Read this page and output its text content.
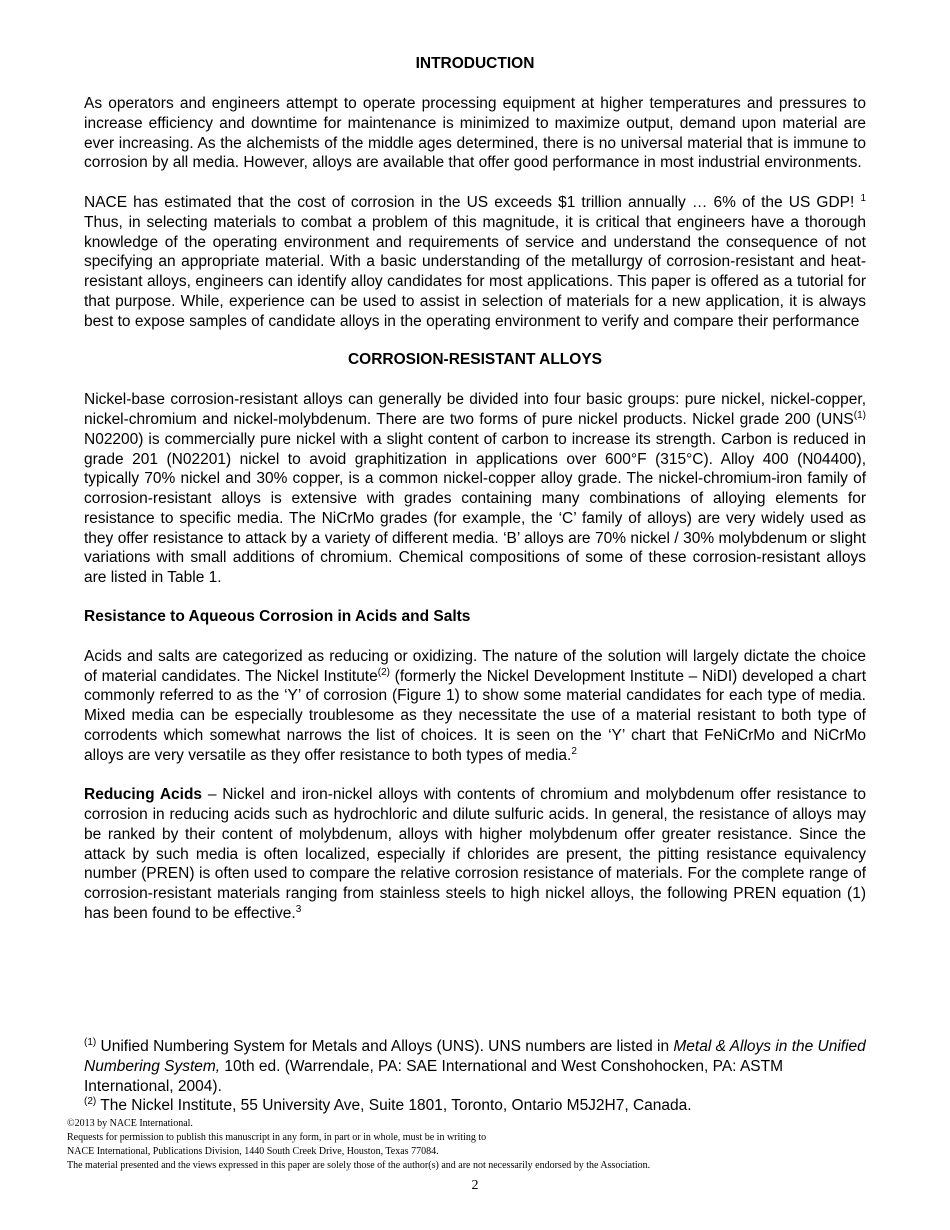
INTRODUCTION

As operators and engineers attempt to operate processing equipment at higher temperatures and pressures to increase efficiency and downtime for maintenance is minimized to maximize output, demand upon material are ever increasing. As the alchemists of the middle ages determined, there is no universal material that is immune to corrosion by all media. However, alloys are available that offer good performance in most industrial environments.

NACE has estimated that the cost of corrosion in the US exceeds $1 trillion annually … 6% of the US GDP! $^1$ Thus, in selecting materials to combat a problem of this magnitude, it is critical that engineers have a thorough knowledge of the operating environment and requirements of service and understand the consequence of not specifying an appropriate material. With a basic understanding of the metallurgy of corrosion-resistant and heat-resistant alloys, engineers can identify alloy candidates for most applications. This paper is offered as a tutorial for that purpose. While, experience can be used to assist in selection of materials for a new application, it is always best to expose samples of candidate alloys in the operating environment to verify and compare their performance

CORROSION-RESISTANT ALLOYS

Nickel-base corrosion-resistant alloys can generally be divided into four basic groups: pure nickel, nickel-copper, nickel-chromium and nickel-molybdenum. There are two forms of pure nickel products. Nickel grade 200 (UNS$^{(1)}$ N02200) is commercially pure nickel with a slight content of carbon to increase its strength. Carbon is reduced in grade 201 (N02201) nickel to avoid graphitization in applications over 600°F (315°C). Alloy 400 (N04400), typically 70% nickel and 30% copper, is a common nickel-copper alloy grade. The nickel-chromium-iron family of corrosion-resistant alloys is extensive with grades containing many combinations of alloying elements for resistance to specific media. The NiCrMo grades (for example, the ‘C’ family of alloys) are very widely used as they offer resistance to attack by a variety of different media. ‘B’ alloys are 70% nickel / 30% molybdenum or slight variations with small additions of chromium. Chemical compositions of some of these corrosion-resistant alloys are listed in Table 1.

Resistance to Aqueous Corrosion in Acids and Salts

Acids and salts are categorized as reducing or oxidizing. The nature of the solution will largely dictate the choice of material candidates. The Nickel Institute$^{(2)}$ (formerly the Nickel Development Institute – NiDI) developed a chart commonly referred to as the ‘Y’ of corrosion (Figure 1) to show some material candidates for each type of media. Mixed media can be especially troublesome as they necessitate the use of a material resistant to both type of corrodents which somewhat narrows the list of choices. It is seen on the ‘Y’ chart that FeNiCrMo and NiCrMo alloys are very versatile as they offer resistance to both types of media.$^2$

Reducing Acids – Nickel and iron-nickel alloys with contents of chromium and molybdenum offer resistance to corrosion in reducing acids such as hydrochloric and dilute sulfuric acids. In general, the resistance of alloys may be ranked by their content of molybdenum, alloys with higher molybdenum offer greater resistance. Since the attack by such media is often localized, especially if chlorides are present, the pitting resistance equivalency number (PREN) is often used to compare the relative corrosion resistance of materials. For the complete range of corrosion-resistant materials ranging from stainless steels to high nickel alloys, the following PREN equation (1) has been found to be effective.$^3$

$^{(1)}$ Unified Numbering System for Metals and Alloys (UNS). UNS numbers are listed in Metal & Alloys in the Unified Numbering System, 10th ed. (Warrendale, PA: SAE International and West Conshohocken, PA: ASTM International, 2004).

$^{(2)}$ The Nickel Institute, 55 University Ave, Suite 1801, Toronto, Ontario M5J2H7, Canada.

©2013 by NACE International.
Requests for permission to publish this manuscript in any form, in part or in whole, must be in writing to
NACE International, Publications Division, 1440 South Creek Drive, Houston, Texas 77084.
The material presented and the views expressed in this paper are solely those of the author(s) and are not necessarily endorsed by the Association.
2
